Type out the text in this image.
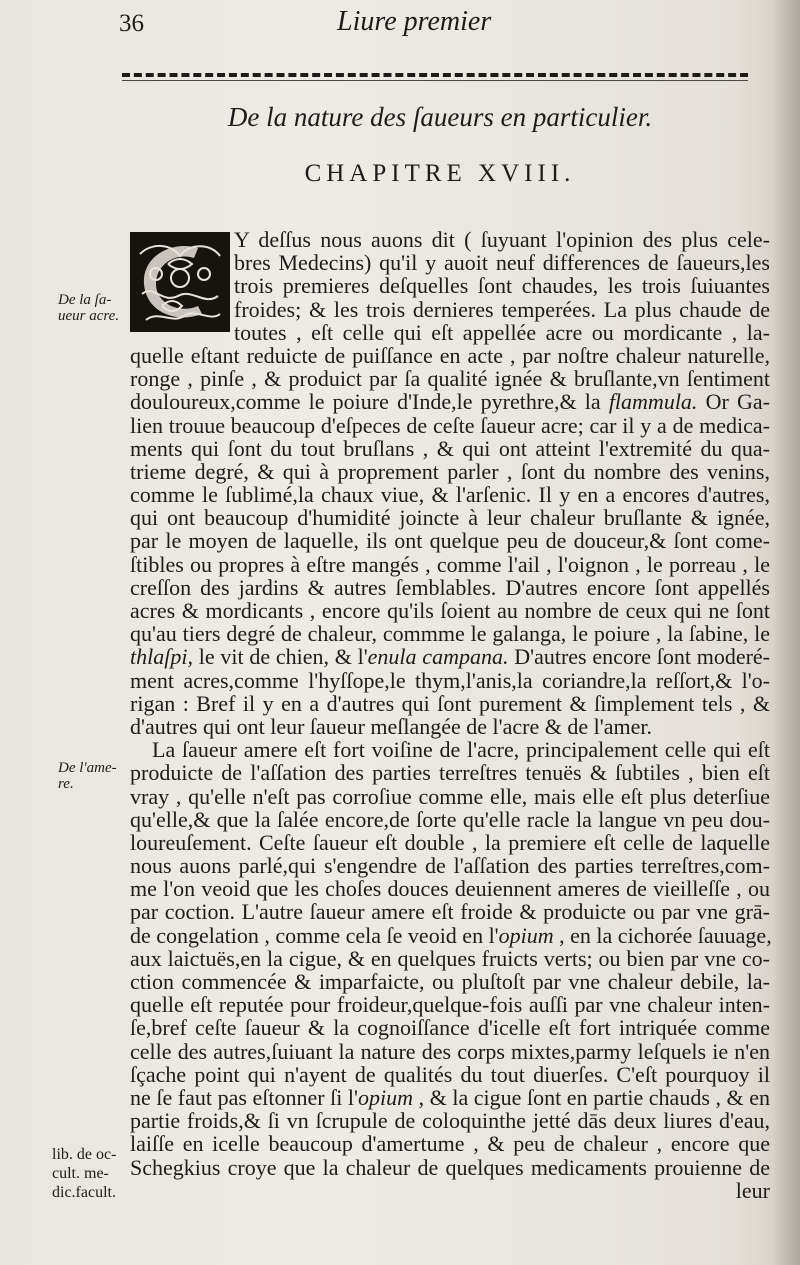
36	Liure premier
De la nature des ſaueurs en particulier.
CHAPITRE XVIII.
Y deſſus nous auons dit ( ſuyuant l'opinion des plus cele-
bres Medecins) qu'il y auoit neuf differences de ſaueurs,les
trois premieres deſquelles ſont chaudes, les trois ſuiuantes
froides; & les trois dernieres temperées. La plus chaude de
toutes , eſt celle qui eſt appellée acre ou mordicante , la-
quelle eſtant reduicte de puiſſance en acte , par noſtre chaleur naturelle,
ronge , pinſe , & produict par ſa qualité ignée & bruſlante,vn ſentiment
douloureux,comme le poiure d'Inde,le pyrethre,& la flammula. Or Ga-
lien trouue beaucoup d'eſpeces de ceſte ſaueur acre; car il y a de medica-
ments qui ſont du tout bruſlans , & qui ont atteint l'extremité du qua-
trieme degré, & qui à proprement parler , ſont du nombre des venins,
comme le ſublimé,la chaux viue, & l'arſenic. Il y en a encores d'autres,
qui ont beaucoup d'humidité joincte à leur chaleur bruſlante & ignée,
par le moyen de laquelle, ils ont quelque peu de douceur,& ſont come-
ſtibles ou propres à eſtre mangés , comme l'ail , l'oignon , le porreau , le
creſſon des jardins & autres ſemblables. D'autres encore ſont appellés
acres & mordicants , encore qu'ils ſoient au nombre de ceux qui ne ſont
qu'au tiers degré de chaleur, commme le galanga, le poiure , la ſabine, le
thlaſpi, le vit de chien, & l'enula campana. D'autres encore ſont moderé-
ment acres,comme l'hyſſope,le thym,l'anis,la coriandre,la reſſort,& l'o-
rigan : Bref il y en a d'autres qui ſont purement & ſimplement tels , &
d'autres qui ont leur ſaueur meſlangée de l'acre & de l'amer.
La ſaueur amere eſt fort voiſine de l'acre, principalement celle qui eſt
produicte de l'aſſation des parties terreſtres tenuës & ſubtiles , bien eſt
vray , qu'elle n'eſt pas corroſiue comme elle, mais elle eſt plus deterſiue
qu'elle,& que la ſalée encore,de ſorte qu'elle racle la langue vn peu dou-
loureuſement. Ceſte ſaueur eſt double , la premiere eſt celle de laquelle
nous auons parlé,qui s'engendre de l'aſſation des parties terreſtres,com-
me l'on veoid que les choſes douces deuiennent ameres de vieilleſſe , ou
par coction. L'autre ſaueur amere eſt froide & produicte ou par vne grā-
de congelation , comme cela ſe veoid en l'opium , en la cichorée ſauuage,
aux laictuës,en la cigue, & en quelques fruicts verts; ou bien par vne co-
ction commencée & imparfaicte, ou pluſtoſt par vne chaleur debile, la-
quelle eſt reputée pour froideur,quelque-fois auſſi par vne chaleur inten-
ſe,bref ceſte ſaueur & la cognoiſſance d'icelle eſt fort intriquée comme
celle des autres,ſuiuant la nature des corps mixtes,parmy leſquels ie n'en
ſçache point qui n'ayent de qualités du tout diuerſes. C'eſt pourquoy il
ne ſe faut pas eſtonner ſi l'opium , & la cigue ſont en partie chauds , & en
partie froids,& ſi vn ſcrupule de coloquinthe jetté dās deux liures d'eau,
laiſſe en icelle beaucoup d'amertume , & peu de chaleur , encore que
Schegkius croye que la chaleur de quelques medicaments prouienne de
leur
De la ſa-
ueur acre.
De l'ame-
re.
lib. de oc-
cult. me-
dic.facult.
